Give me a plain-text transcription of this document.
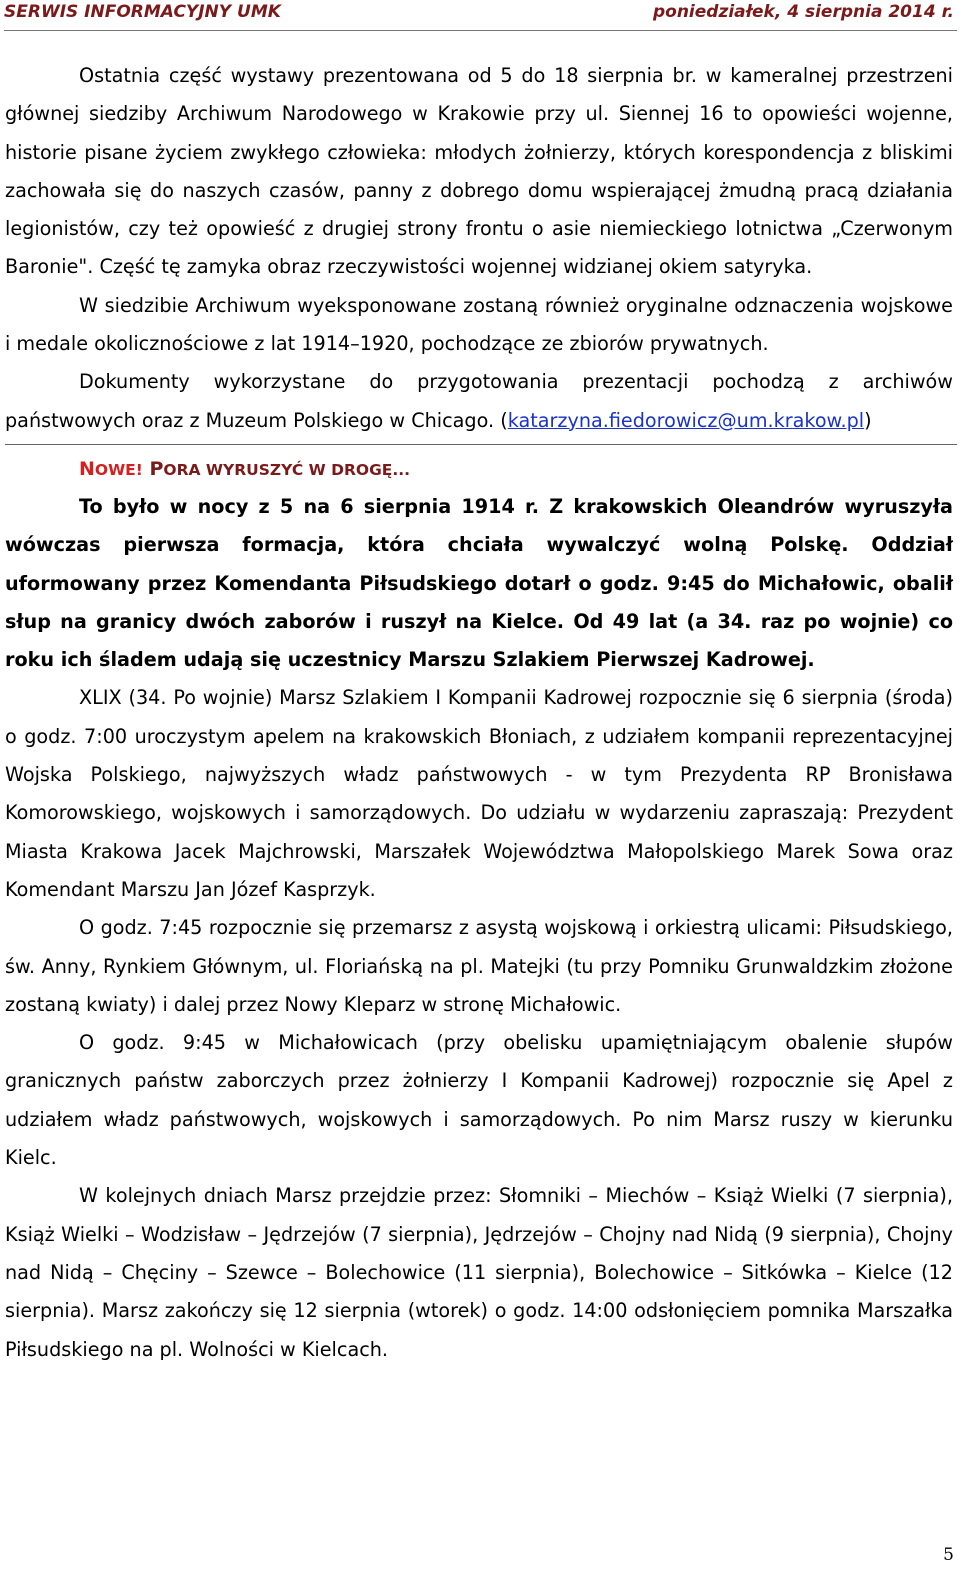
SERWIS INFORMACYJNY UMK	poniedziałek, 4 sierpnia 2014 r.

Ostatnia część wystawy prezentowana od 5 do 18 sierpnia br. w kameralnej przestrzeni głównej siedziby Archiwum Narodowego w Krakowie przy ul. Siennej 16 to opowieści wojenne, historie pisane życiem zwykłego człowieka: młodych żołnierzy, których korespondencja z bliskimi zachowała się do naszych czasów, panny z dobrego domu wspierającej żmudną pracą działania legionistów, czy też opowieść z drugiej strony frontu o asie niemieckiego lotnictwa „Czerwonym Baronie". Część tę zamyka obraz rzeczywistości wojennej widzianej okiem satyryka.

W siedzibie Archiwum wyeksponowane zostaną również oryginalne odznaczenia wojskowe i medale okolicznościowe z lat 1914–1920, pochodzące ze zbiorów prywatnych.

Dokumenty wykorzystane do przygotowania prezentacji pochodzą z archiwów państwowych oraz z Muzeum Polskiego w Chicago. (katarzyna.fiedorowicz@um.krakow.pl)

NOWE! PORA WYRUSZYĆ W DROGĘ...

To było w nocy z 5 na 6 sierpnia 1914 r. Z krakowskich Oleandrów wyruszyła wówczas pierwsza formacja, która chciała wywalczyć wolną Polskę. Oddział uformowany przez Komendanta Piłsudskiego dotarł o godz. 9:45 do Michałowic, obalił słup na granicy dwóch zaborów i ruszył na Kielce. Od 49 lat (a 34. raz po wojnie) co roku ich śladem udają się uczestnicy Marszu Szlakiem Pierwszej Kadrowej.

XLIX (34. Po wojnie) Marsz Szlakiem I Kompanii Kadrowej rozpocznie się 6 sierpnia (środa) o godz. 7:00 uroczystym apelem na krakowskich Błoniach, z udziałem kompanii reprezentacyjnej Wojska Polskiego, najwyższych władz państwowych - w tym Prezydenta RP Bronisława Komorowskiego, wojskowych i samorządowych. Do udziału w wydarzeniu zapraszają: Prezydent Miasta Krakowa Jacek Majchrowski, Marszałek Województwa Małopolskiego Marek Sowa oraz Komendant Marszu Jan Józef Kasprzyk.

O godz. 7:45 rozpocznie się przemarsz z asystą wojskową i orkiestrą ulicami: Piłsudskiego, św. Anny, Rynkiem Głównym, ul. Floriańską na pl. Matejki (tu przy Pomniku Grunwaldzkim złożone zostaną kwiaty) i dalej przez Nowy Kleparz w stronę Michałowic.

O godz. 9:45 w Michałowicach (przy obelisku upamiętniającym obalenie słupów granicznych państw zaborczych przez żołnierzy I Kompanii Kadrowej) rozpocznie się Apel z udziałem władz państwowych, wojskowych i samorządowych. Po nim Marsz ruszy w kierunku Kielc.

W kolejnych dniach Marsz przejdzie przez: Słomniki – Miechów – Książ Wielki (7 sierpnia), Książ Wielki – Wodzisław – Jędrzejów (7 sierpnia), Jędrzejów – Chojny nad Nidą (9 sierpnia), Chojny nad Nidą – Chęciny – Szewce – Bolechowice (11 sierpnia), Bolechowice – Sitkówka – Kielce (12 sierpnia). Marsz zakończy się 12 sierpnia (wtorek) o godz. 14:00 odsłonięciem pomnika Marszałka Piłsudskiego na pl. Wolności w Kielcach.

5
